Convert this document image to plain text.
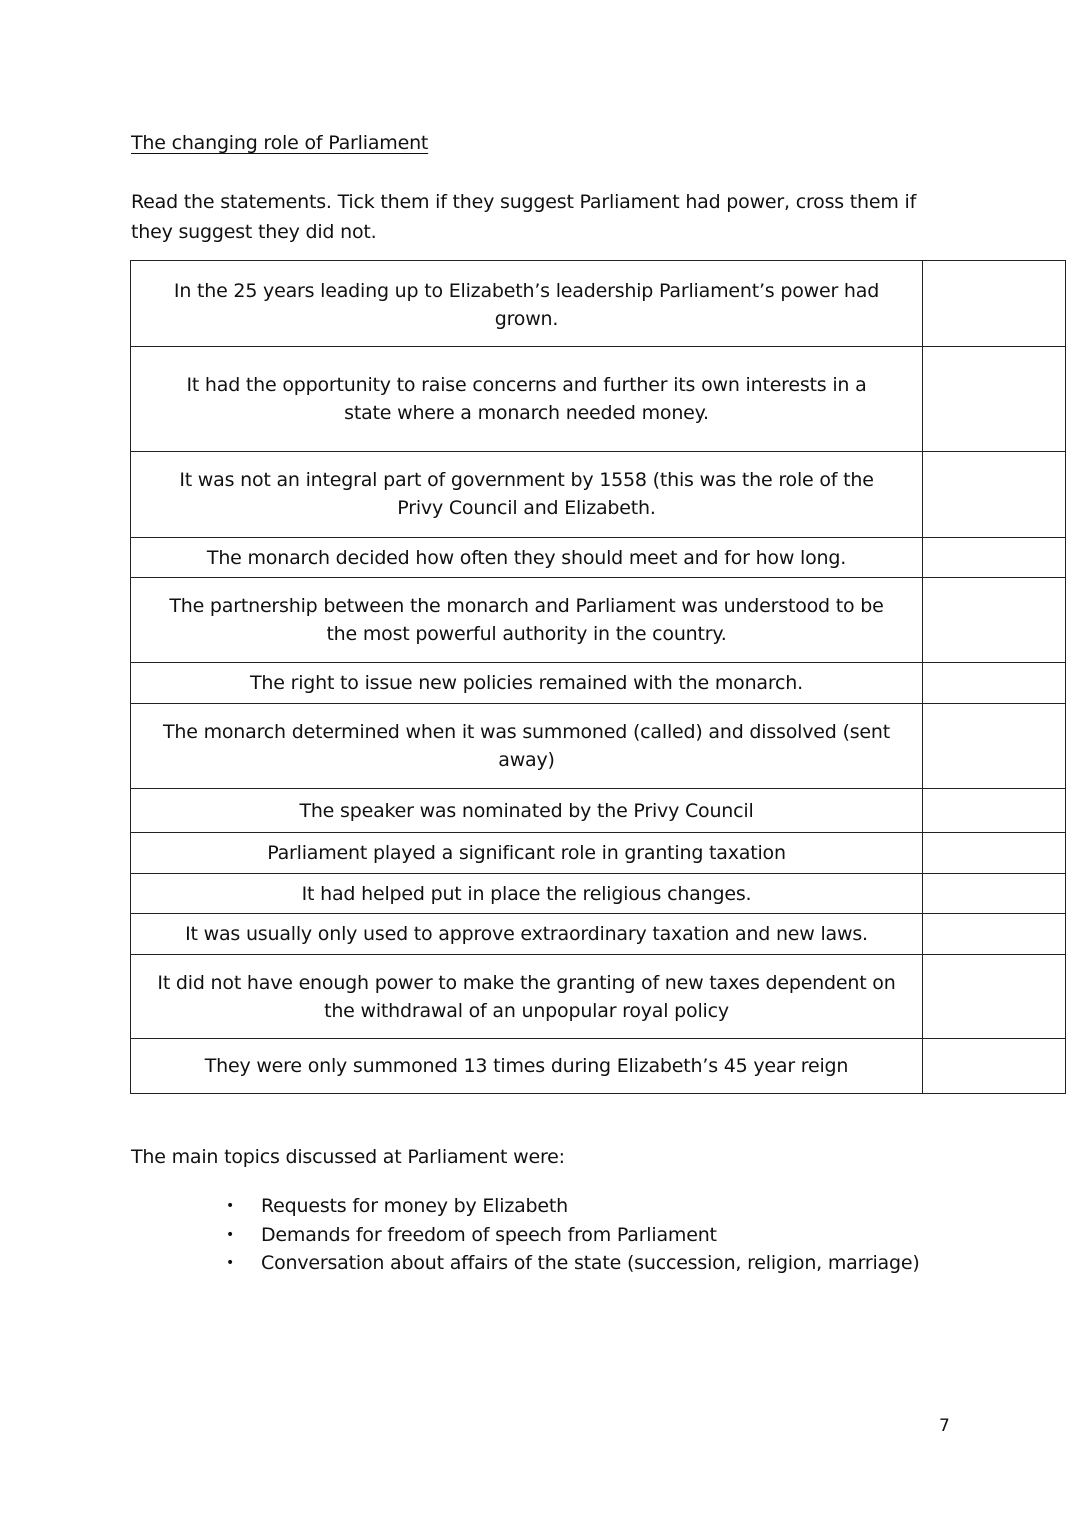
The changing role of Parliament
Read the statements. Tick them if they suggest Parliament had power, cross them if they suggest they did not.
In the 25 years leading up to Elizabeth’s leadership Parliament’s power had
grown.	

It had the opportunity to raise concerns and further its own interests in a
state where a monarch needed money.	

It was not an integral part of government by 1558 (this was the role of the
Privy Council and Elizabeth.	

The monarch decided how often they should meet and for how long.	

The partnership between the monarch and Parliament was understood to be
the most powerful authority in the country.	

The right to issue new policies remained with the monarch.	

The monarch determined when it was summoned (called) and dissolved (sent
away)	

The speaker was nominated by the Privy Council	

Parliament played a significant role in granting taxation	

It had helped put in place the religious changes.	

It was usually only used to approve extraordinary taxation and new laws.	

It did not have enough power to make the granting of new taxes dependent on
the withdrawal of an unpopular royal policy	

They were only summoned 13 times during Elizabeth’s 45 year reign	

The main topics discussed at Parliament were:
• Requests for money by Elizabeth
• Demands for freedom of speech from Parliament
• Conversation about affairs of the state (succession, religion, marriage)
7
